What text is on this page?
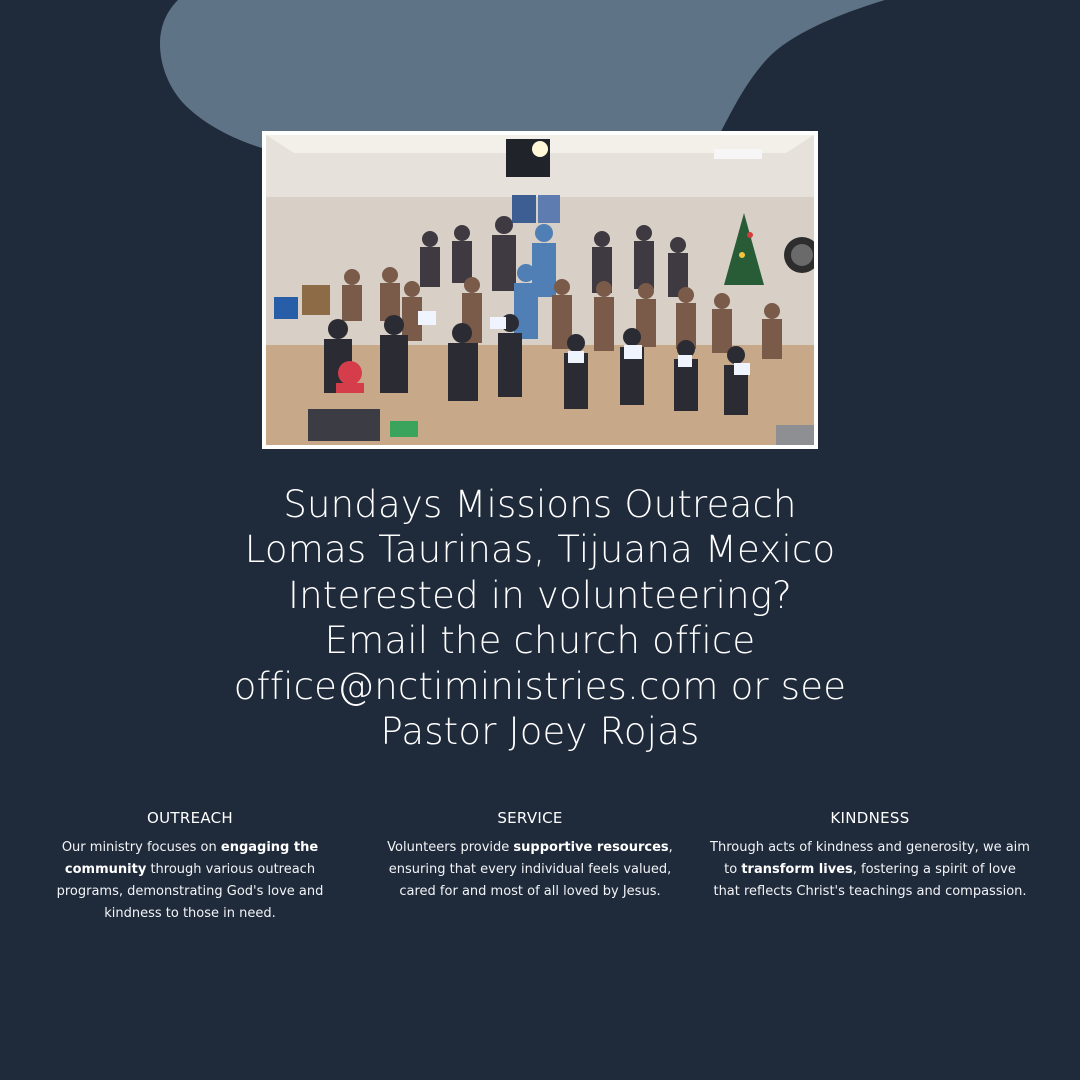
Sundays Missions Outreach
Lomas Taurinas, Tijuana Mexico
Interested in volunteering?
Email the church office
office@nctiministries.com or see
Pastor Joey Rojas
OUTREACH
Our ministry focuses on engaging the community through various outreach programs, demonstrating God's love and kindness to those in need.
SERVICE
Volunteers provide supportive resources, ensuring that every individual feels valued, cared for and most of all loved by Jesus.
KINDNESS
Through acts of kindness and generosity, we aim to transform lives, fostering a spirit of love that reflects Christ's teachings and compassion.
